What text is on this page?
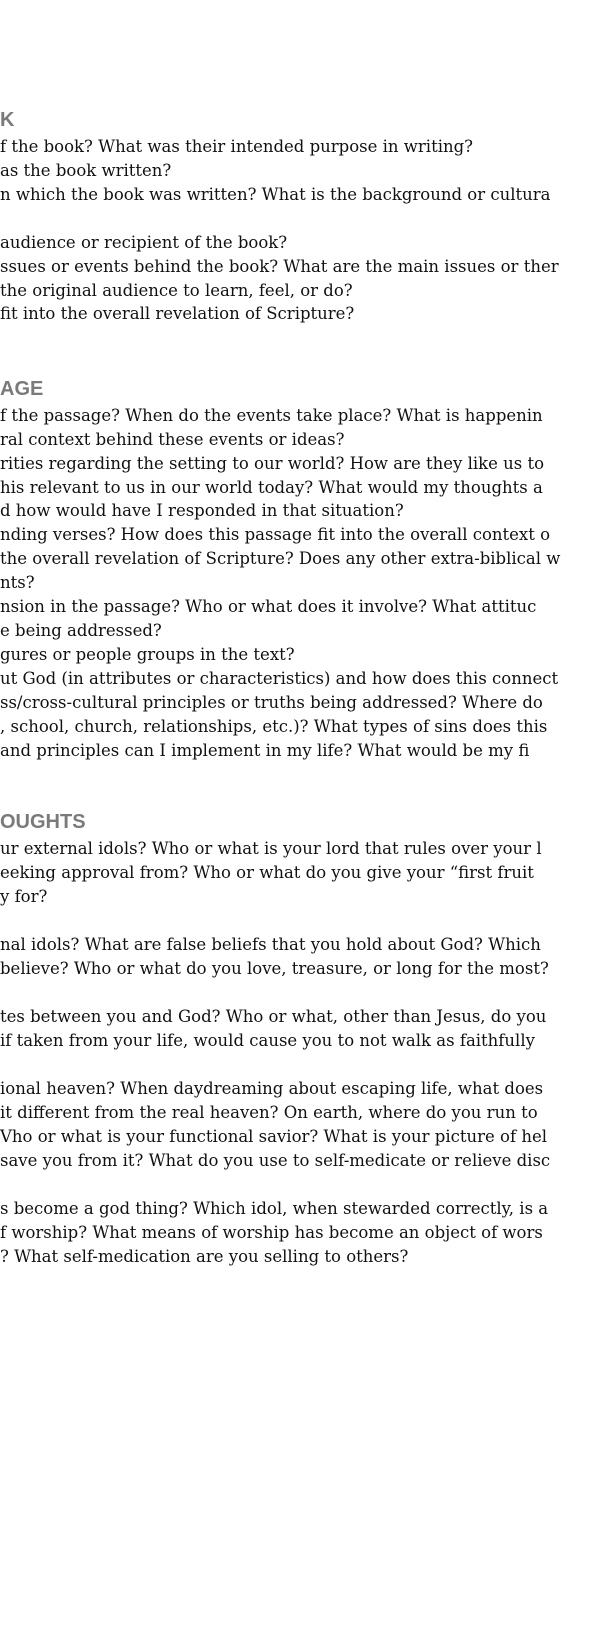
K
f the book? What was their intended purpose in writing?
as the book written?
n which the book was written? What is the background or cultura
audience or recipient of the book?
ssues or events behind the book? What are the main issues or ther
the original audience to learn, feel, or do?
fit into the overall revelation of Scripture?
AGE
f the passage? When do the events take place? What is happenin
ral context behind these events or ideas?
rities regarding the setting to our world? How are they like us to
his relevant to us in our world today? What would my thoughts a
d how would have I responded in that situation?
nding verses? How does this passage fit into the overall context o
the overall revelation of Scripture? Does any other extra-biblical w
nts?
nsion in the passage? Who or what does it involve? What attituc
e being addressed?
gures or people groups in the text?
ut God (in attributes or characteristics) and how does this connect
ss/cross-cultural principles or truths being addressed? Where do
, school, church, relationships, etc.)? What types of sins does this
and principles can I implement in my life? What would be my fi
OUGHTS
ur external idols? Who or what is your lord that rules over your l
eeking approval from? Who or what do you give your “first fruit
y for?
nal idols? What are false beliefs that you hold about God? Which
believe? Who or what do you love, treasure, or long for the most?
tes between you and God? Who or what, other than Jesus, do you
if taken from your life, would cause you to not walk as faithfully
ional heaven? When daydreaming about escaping life, what does
it different from the real heaven? On earth, where do you run to
Vho or what is your functional savior? What is your picture of hel
save you from it? What do you use to self-medicate or relieve disc
s become a god thing? Which idol, when stewarded correctly, is a
f worship? What means of worship has become an object of wors
? What self-medication are you selling to others?
